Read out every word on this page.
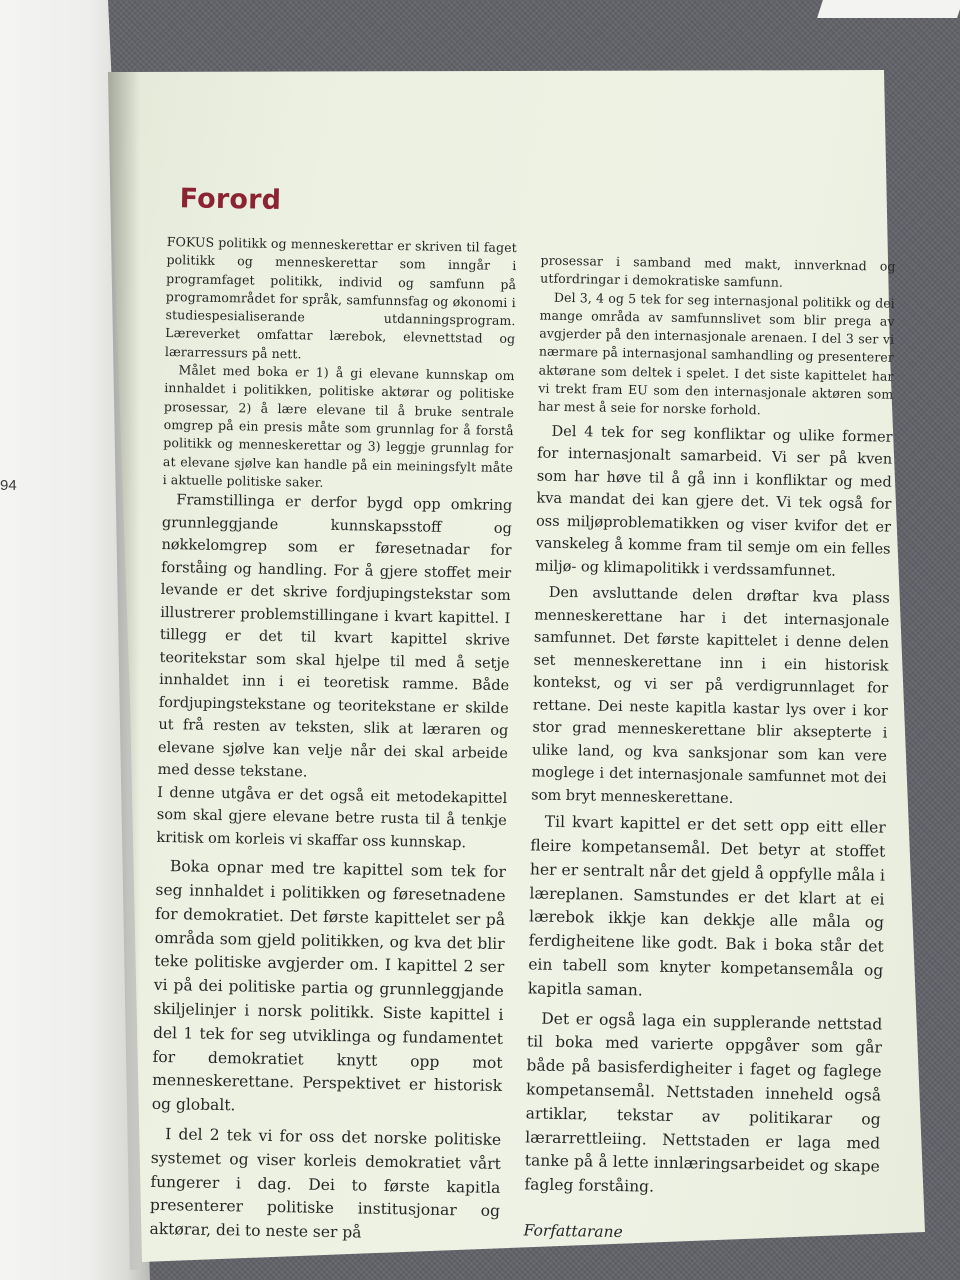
94
Forord

FOKUS politikk og menneskerettar er skriven til faget politikk og menneskerettar som inngår i programfaget politikk, individ og samfunn på programområdet for språk, samfunnsfag og økonomi i studiespesialiserande utdanningsprogram. Læreverket omfattar lærebok, elevnettstad og lærarressurs på nett.

Målet med boka er 1) å gi elevane kunnskap om innhaldet i politikken, politiske aktørar og politiske prosessar, 2) å lære elevane til å bruke sentrale omgrep på ein presis måte som grunnlag for å forstå politikk og menneskerettar og 3) leggje grunnlag for at elevane sjølve kan handle på ein meiningsfylt måte i aktuelle politiske saker.

Framstillinga er derfor bygd opp omkring grunnleggjande kunnskapsstoff og nøkkelomgrep som er føresetnadar for forståing og handling. For å gjere stoffet meir levande er det skrive fordjupingstekstar som illustrerer problemstillingane i kvart kapittel. I tillegg er det til kvart kapittel skrive teoritekstar som skal hjelpe til med å setje innhaldet inn i ei teoretisk ramme. Både fordjupingstekstane og teoritekstane er skilde ut frå resten av teksten, slik at læraren og elevane sjølve kan velje når dei skal arbeide med desse tekstane.

I denne utgåva er det også eit metodekapittel som skal gjere elevane betre rusta til å tenkje kritisk om korleis vi skaffar oss kunnskap.

Boka opnar med tre kapittel som tek for seg innhaldet i politikken og føresetnadene for demokratiet. Det første kapittelet ser på områda som gjeld politikken, og kva det blir teke politiske avgjerder om. I kapittel 2 ser vi på dei politiske partia og grunnleggjande skiljelinjer i norsk politikk. Siste kapittel i del 1 tek for seg utviklinga og fundamentet for demokratiet knytt opp mot menneskerettane. Perspektivet er historisk og globalt.

I del 2 tek vi for oss det norske politiske systemet og viser korleis demokratiet vårt fungerer i dag. Dei to første kapitla presenterer politiske institusjonar og aktørar, dei to neste ser på

prosessar i samband med makt, innverknad og utfordringar i demokratiske samfunn.

Del 3, 4 og 5 tek for seg internasjonal politikk og dei mange områda av samfunnslivet som blir prega av avgjerder på den internasjonale arenaen. I del 3 ser vi nærmare på internasjonal samhandling og presenterer aktørane som deltek i spelet. I det siste kapittelet har vi trekt fram EU som den internasjonale aktøren som har mest å seie for norske forhold.

Del 4 tek for seg konfliktar og ulike former for internasjonalt samarbeid. Vi ser på kven som har høve til å gå inn i konfliktar og med kva mandat dei kan gjere det. Vi tek også for oss miljøproblematikken og viser kvifor det er vanskeleg å komme fram til semje om ein felles miljø- og klimapolitikk i verdssamfunnet.

Den avsluttande delen drøftar kva plass menneskerettane har i det internasjonale samfunnet. Det første kapittelet i denne delen set menneskerettane inn i ein historisk kontekst, og vi ser på verdigrunnlaget for rettane. Dei neste kapitla kastar lys over i kor stor grad menneskerettane blir aksepterte i ulike land, og kva sanksjonar som kan vere moglege i det internasjonale samfunnet mot dei som bryt menneskerettane.

Til kvart kapittel er det sett opp eitt eller fleire kompetansemål. Det betyr at stoffet her er sentralt når det gjeld å oppfylle måla i læreplanen. Samstundes er det klart at ei lærebok ikkje kan dekkje alle måla og ferdigheitene like godt. Bak i boka står det ein tabell som knyter kompetansemåla og kapitla saman.

Det er også laga ein supplerande nettstad til boka med varierte oppgåver som går både på basisferdigheiter i faget og faglege kompetansemål. Nettstaden inneheld også artiklar, tekstar av politikarar og lærarrettleiing. Nettstaden er laga med tanke på å lette innlæringsarbeidet og skape fagleg forståing.

Forfattarane
